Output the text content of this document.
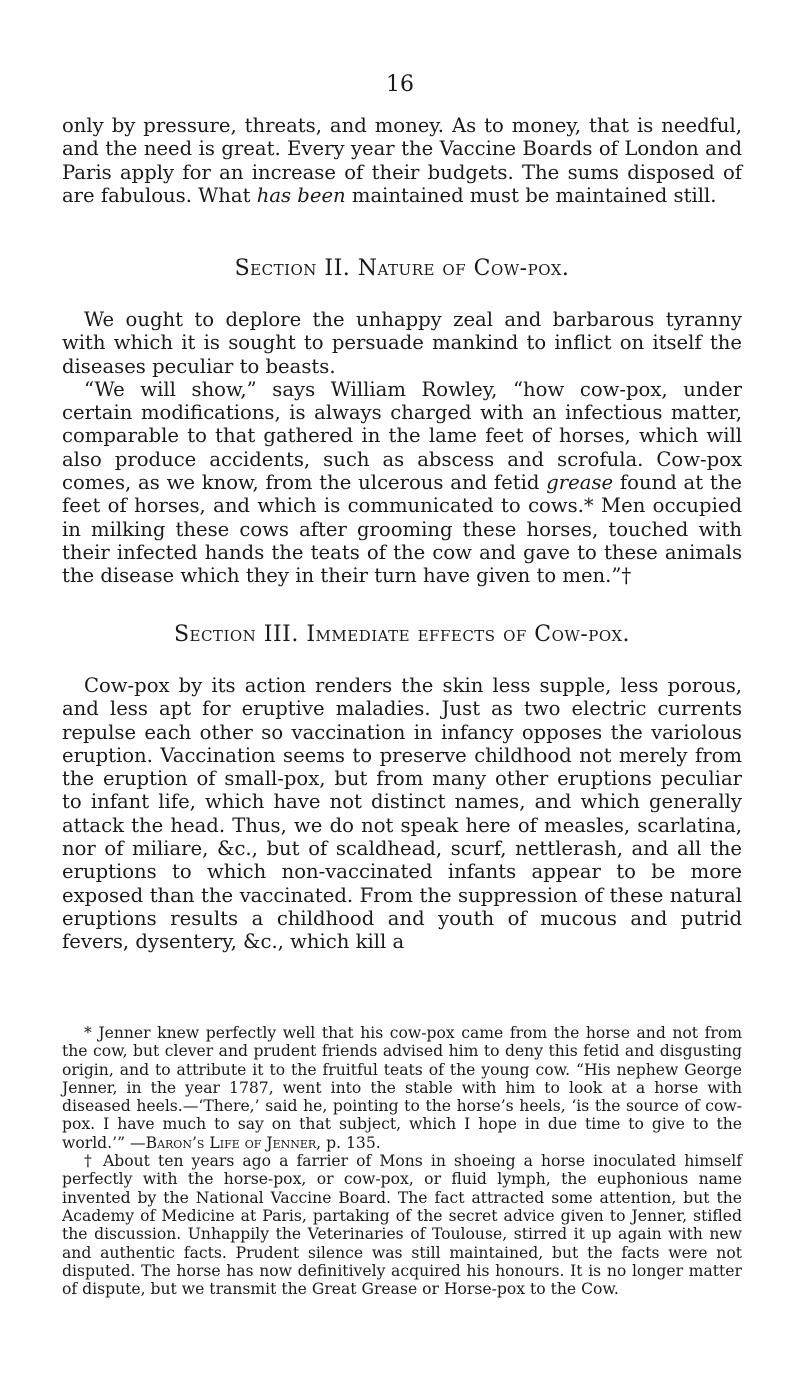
16

only by pressure, threats, and money. As to money, that is needful, and the need is great. Every year the Vaccine Boards of London and Paris apply for an increase of their budgets. The sums disposed of are fabulous. What has been maintained must be maintained still.

Section II. Nature of Cow-pox.

We ought to deplore the unhappy zeal and barbarous tyranny with which it is sought to persuade mankind to inflict on itself the diseases peculiar to beasts.

“We will show,” says William Rowley, “how cow-pox, under certain modifications, is always charged with an infectious matter, comparable to that gathered in the lame feet of horses, which will also produce accidents, such as abscess and scrofula. Cow-pox comes, as we know, from the ulcerous and fetid grease found at the feet of horses, and which is communicated to cows.* Men occupied in milking these cows after grooming these horses, touched with their infected hands the teats of the cow and gave to these animals the disease which they in their turn have given to men.”†

Section III. Immediate effects of Cow-pox.

Cow-pox by its action renders the skin less supple, less porous, and less apt for eruptive maladies. Just as two electric currents repulse each other so vaccination in infancy opposes the variolous eruption. Vaccination seems to preserve childhood not merely from the eruption of small-pox, but from many other eruptions peculiar to infant life, which have not distinct names, and which generally attack the head. Thus, we do not speak here of measles, scarlatina, nor of miliare, &c., but of scaldhead, scurf, nettlerash, and all the eruptions to which non-vaccinated infants appear to be more exposed than the vaccinated. From the suppression of these natural eruptions results a childhood and youth of mucous and putrid fevers, dysentery, &c., which kill a

* Jenner knew perfectly well that his cow-pox came from the horse and not from the cow, but clever and prudent friends advised him to deny this fetid and disgusting origin, and to attribute it to the fruitful teats of the young cow. “His nephew George Jenner, in the year 1787, went into the stable with him to look at a horse with diseased heels.—‘There,’ said he, pointing to the horse’s heels, ‘is the source of cow-pox. I have much to say on that subject, which I hope in due time to give to the world.’” —Baron’s Life of Jenner, p. 135.

† About ten years ago a farrier of Mons in shoeing a horse inoculated himself perfectly with the horse-pox, or cow-pox, or fluid lymph, the euphonious name invented by the National Vaccine Board. The fact attracted some attention, but the Academy of Medicine at Paris, partaking of the secret advice given to Jenner, stifled the discussion. Unhappily the Veterinaries of Toulouse, stirred it up again with new and authentic facts. Prudent silence was still maintained, but the facts were not disputed. The horse has now definitively acquired his honours. It is no longer matter of dispute, but we transmit the Great Grease or Horse-pox to the Cow.
